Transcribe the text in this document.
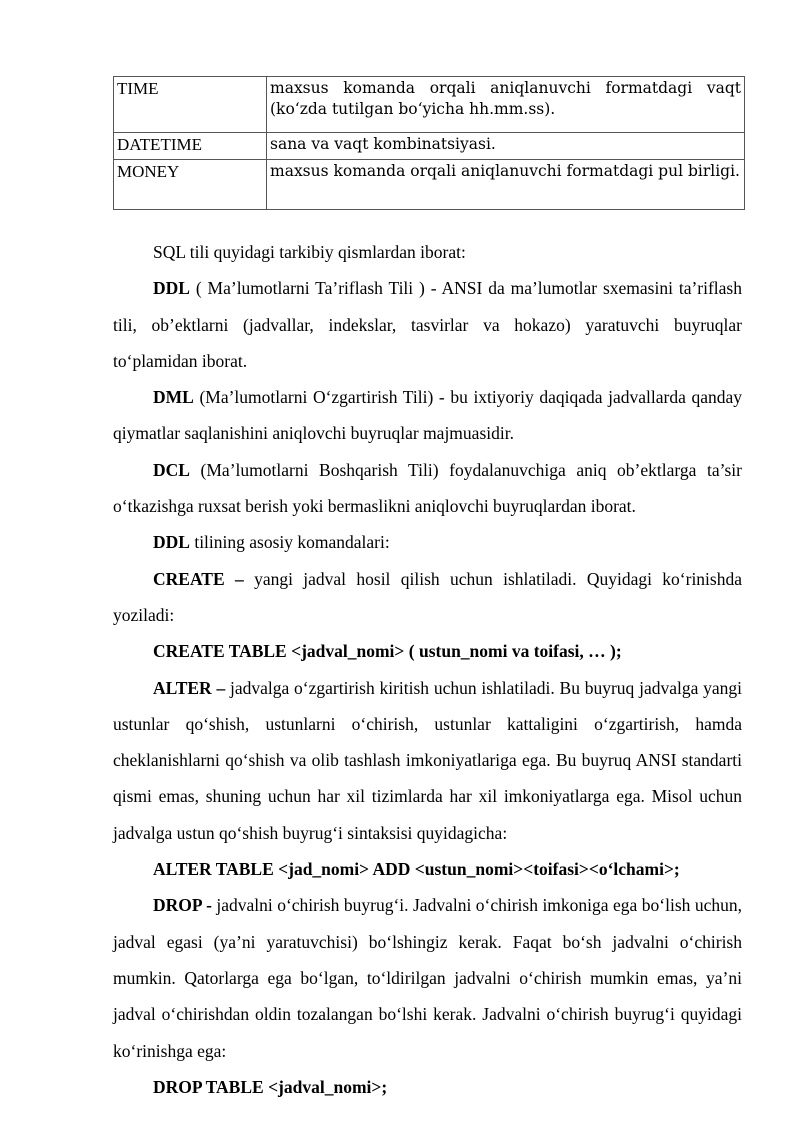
TIME	maxsus komanda orqali aniqlanuvchi formatdagi vaqt (ko‘zda tutilgan bo‘yicha hh.mm.ss).
DATETIME	sana va vaqt kombinatsiyasi.
MONEY	maxsus komanda orqali aniqlanuvchi formatdagi pul birligi.

SQL tili quyidagi tarkibiy qismlardan iborat:

DDL ( Ma’lumotlarni Ta’riflash Tili ) - ANSI da ma’lumotlar sxemasini ta’riflash tili, ob’ektlarni (jadvallar, indekslar, tasvirlar va hokazo) yaratuvchi buyruqlar to‘plamidan iborat.

DML (Ma’lumotlarni O‘zgartirish Tili) - bu ixtiyoriy daqiqada jadvallarda qanday qiymatlar saqlanishini aniqlovchi buyruqlar majmuasidir.

DCL (Ma’lumotlarni Boshqarish Tili) foydalanuvchiga aniq ob’ektlarga ta’sir o‘tkazishga ruxsat berish yoki bermaslikni aniqlovchi buyruqlardan iborat.

DDL tilining asosiy komandalari:

CREATE – yangi jadval hosil qilish uchun ishlatiladi. Quyidagi ko‘rinishda yoziladi:

CREATE TABLE <jadval_nomi> ( ustun_nomi va toifasi, … );

ALTER – jadvalga o‘zgartirish kiritish uchun ishlatiladi. Bu buyruq jadvalga yangi ustunlar qo‘shish, ustunlarni o‘chirish, ustunlar kattaligini o‘zgartirish, hamda cheklanishlarni qo‘shish va olib tashlash imkoniyatlariga ega. Bu buyruq ANSI standarti qismi emas, shuning uchun har xil tizimlarda har xil imkoniyatlarga ega. Misol uchun jadvalga ustun qo‘shish buyrug‘i sintaksisi quyidagicha:

ALTER TABLE <jad_nomi> ADD <ustun_nomi><toifasi><o‘lchami>;

DROP - jadvalni o‘chirish buyrug‘i. Jadvalni o‘chirish imkoniga ega bo‘lish uchun, jadval egasi (ya’ni yaratuvchisi) bo‘lshingiz kerak. Faqat bo‘sh jadvalni o‘chirish mumkin. Qatorlarga ega bo‘lgan, to‘ldirilgan jadvalni o‘chirish mumkin emas, ya’ni jadval o‘chirishdan oldin tozalangan bo‘lshi kerak. Jadvalni o‘chirish buyrug‘i quyidagi ko‘rinishga ega:

DROP TABLE <jadval_nomi>;
